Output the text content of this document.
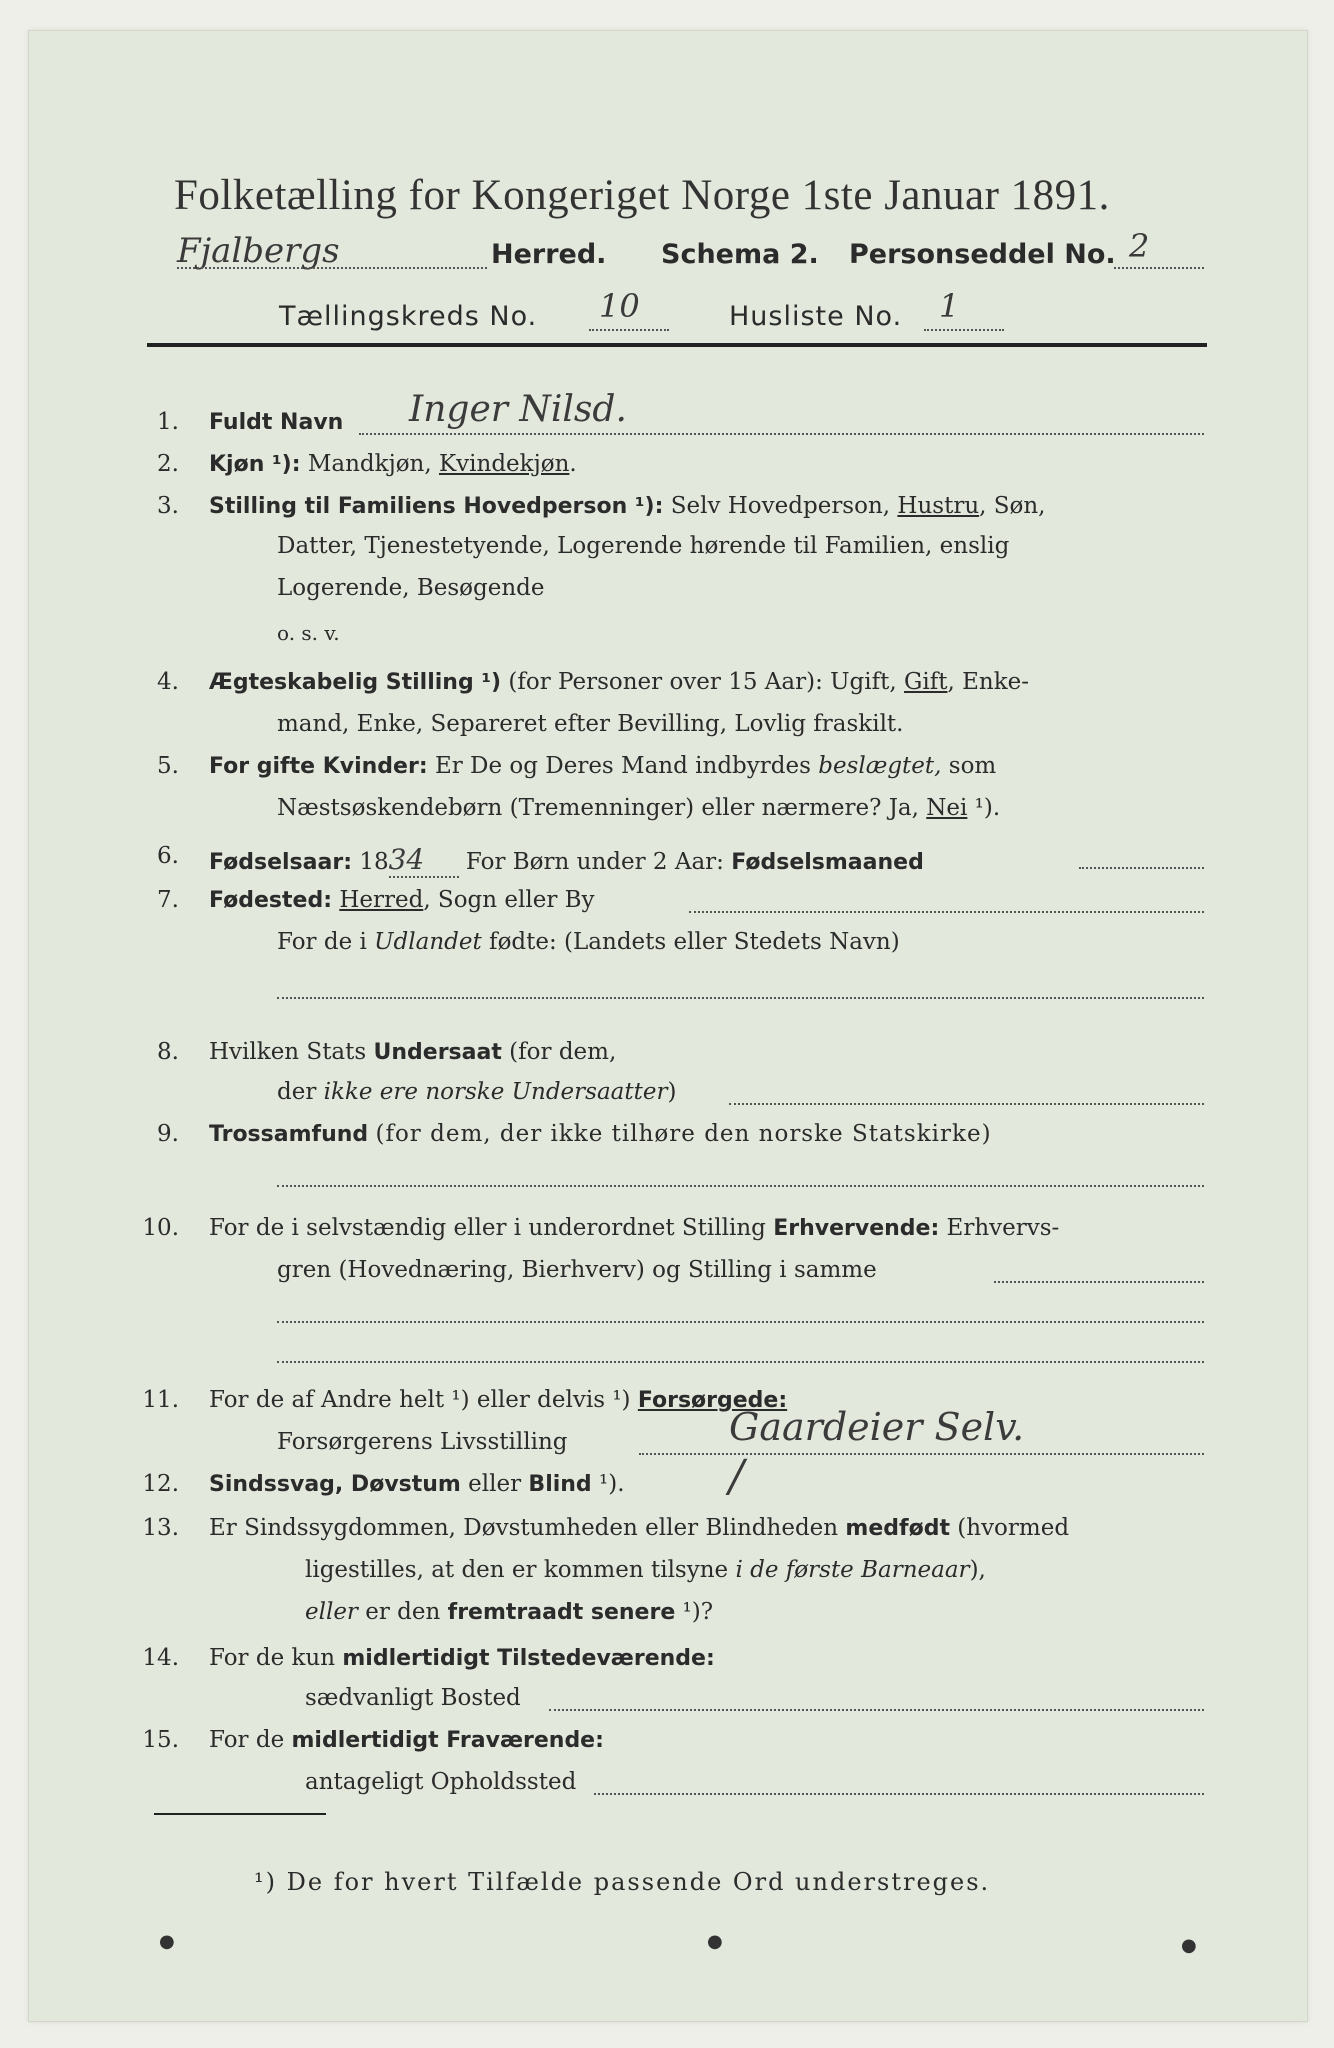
Folketælling for Kongeriget Norge 1ste Januar 1891.
Fjalbergs	Herred. Schema 2. Personseddel No. 2
Tællingskreds No. 10	Husliste No. 1
1. Fuldt Navn Inger Nilsd.
2. Kjøn ¹): Mandkjøn, Kvindekjøn.
3. Stilling til Familiens Hovedperson ¹): Selv Hovedperson, Hustru, Søn,
Datter, Tjenestetyende, Logerende hørende til Familien, enslig
Logerende, Besøgende
o. s. v.
4. Ægteskabelig Stilling ¹) (for Personer over 15 Aar): Ugift, Gift, Enke-
mand, Enke, Separeret efter Bevilling, Lovlig fraskilt.
5. For gifte Kvinder: Er De og Deres Mand indbyrdes beslægtet, som
Næstsøskendebørn (Tremenninger) eller nærmere? Ja, Nei ¹).
6. Fødselsaar: 1834 For Børn under 2 Aar: Fødselsmaaned
7. Fødested: Herred, Sogn eller By
For de i Udlandet fødte: (Landets eller Stedets Navn)
8. Hvilken Stats Undersaat (for dem,
der ikke ere norske Undersaatter)
9. Trossamfund (for dem, der ikke tilhøre den norske Statskirke)
10. For de i selvstændig eller i underordnet Stilling Erhvervende: Erhvervs-
gren (Hovednæring, Bierhverv) og Stilling i samme
11. For de af Andre helt ¹) eller delvis ¹) Forsørgede:
Forsørgerens Livsstilling	Gaardeier Selv.
12. Sindssvag, Døvstum eller Blind ¹). /
13. Er Sindssygdommen, Døvstumheden eller Blindheden medfødt (hvormed
ligestilles, at den er kommen tilsyne i de første Barneaar),
eller er den fremtraadt senere ¹)?
14. For de kun midlertidigt Tilstedeværende:
sædvanligt Bosted
15. For de midlertidigt Fraværende:
antageligt Opholdssted
¹) De for hvert Tilfælde passende Ord understreges.
●	●	●
